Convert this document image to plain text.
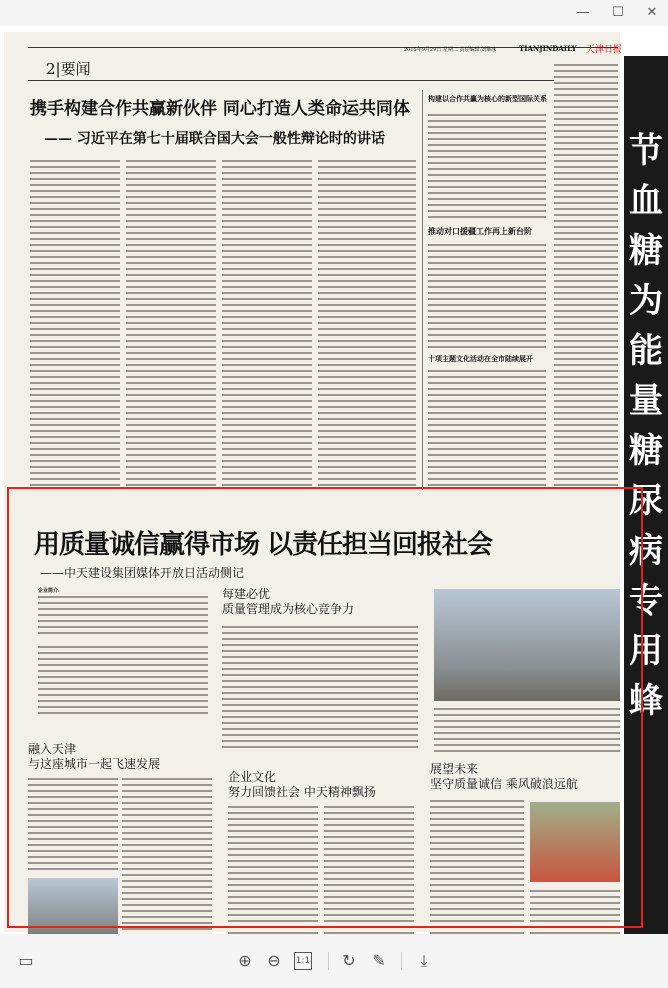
—	☐	✕
2|要闻
2015年9月29日 星期二 责任编辑:刘攀冰	TIANJINDAILY 天津日报
携手构建合作共赢新伙伴 同心打造人类命运共同体
—— 习近平在第七十届联合国大会一般性辩论时的讲话
构建以合作共赢为核心的新型国际关系
推动对口援疆工作再上新台阶
十项主题文化活动在全市陆续展开
用质量诚信赢得市场 以责任担当回报社会
——中天建设集团媒体开放日活动侧记
企业简介:	每建必优
质量管理成为核心竞争力
融入天津
与这座城市一起飞速发展
企业文化
努力回馈社会 中天精神飘扬
展望未来
坚守质量诚信 乘风破浪远航
节
血
糖
为
能
量
糖
尿
病
专
用
蜂
▭	⊕ ⊖	1:1 ↻ ✎	⤓
